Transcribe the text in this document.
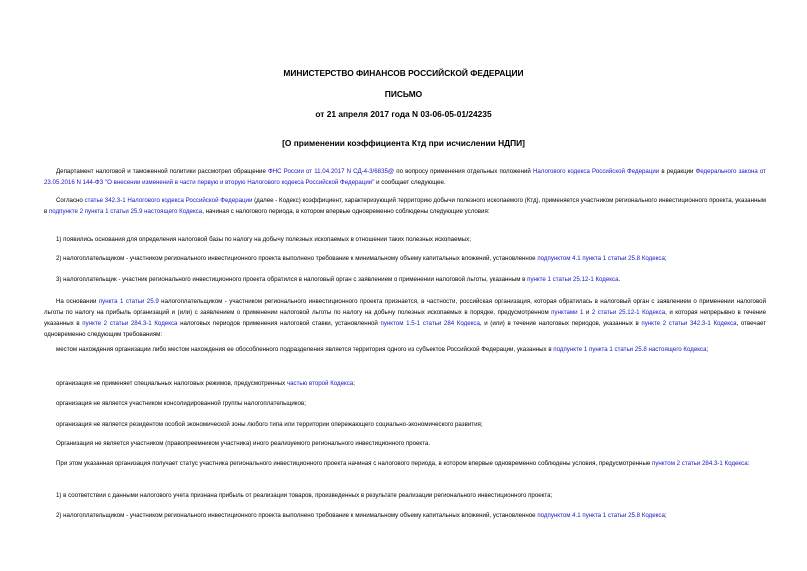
МИНИСТЕРСТВО ФИНАНСОВ РОССИЙСКОЙ ФЕДЕРАЦИИ
ПИСЬМО
от 21 апреля 2017 года N 03-06-05-01/24235
[О применении коэффициента Ктд при исчислении НДПИ]

Департамент налоговой и таможенной политики рассмотрел обращение ФНС России от 11.04.2017 N СД-4-3/6835@ по вопросу применения отдельных положений Налогового кодекса Российской Федерации в редакции Федерального закона от 23.05.2016 N 144-ФЗ "О внесении изменений в части первую и вторую Налогового кодекса Российской Федерации" и сообщает следующее.

Согласно статье 342.3-1 Налогового кодекса Российской Федерации (далее - Кодекс) коэффициент, характеризующий территорию добычи полезного ископаемого (Ктд), применяется участником регионального инвестиционного проекта, указанным в подпункте 2 пункта 1 статьи 25.9 настоящего Кодекса, начиная с налогового периода, в котором впервые одновременно соблюдены следующие условия:

1) появились основания для определения налоговой базы по налогу на добычу полезных ископаемых в отношении таких полезных ископаемых;

2) налогоплательщиком - участником регионального инвестиционного проекта выполнено требование к минимальному объему капитальных вложений, установленное подпунктом 4.1 пункта 1 статьи 25.8 Кодекса;

3) налогоплательщик - участник регионального инвестиционного проекта обратился в налоговый орган с заявлением о применении налоговой льготы, указанным в пункте 1 статьи 25.12-1 Кодекса.

На основании пункта 1 статьи 25.9 налогоплательщиком - участником регионального инвестиционного проекта признается, в частности, российская организация, которая обратилась в налоговый орган с заявлением о применении налоговой льготы по налогу на прибыль организаций и (или) с заявлением о применении налоговой льготы по налогу на добычу полезных ископаемых в порядке, предусмотренном пунктами 1 и 2 статьи 25.12-1 Кодекса, и которая непрерывно в течение указанных в пункте 2 статьи 284.3-1 Кодекса налоговых периодов применения налоговой ставки, установленной пунктом 1.5-1 статьи 284 Кодекса, и (или) в течение налоговых периодов, указанных в пункте 2 статьи 342.3-1 Кодекса, отвечает одновременно следующим требованиям:

местом нахождения организации либо местом нахождения ее обособленного подразделения является территория одного из субъектов Российской Федерации, указанных в подпункте 1 пункта 1 статьи 25.8 настоящего Кодекса;

организация не применяет специальных налоговых режимов, предусмотренных частью второй Кодекса;

организация не является участником консолидированной группы налогоплательщиков;

организация не является резидентом особой экономической зоны любого типа или территории опережающего социально-экономического развития;

Организация не является участником (правопреемником участника) иного реализуемого регионального инвестиционного проекта.

При этом указанная организация получает статус участника регионального инвестиционного проекта начиная с налогового периода, в котором впервые одновременно соблюдены условия, предусмотренные пунктом 2 статьи 284.3-1 Кодекса:

1) в соответствии с данными налогового учета признана прибыль от реализации товаров, произведенных в результате реализации регионального инвестиционного проекта;

2) налогоплательщиком - участником регионального инвестиционного проекта выполнено требование к минимальному объему капитальных вложений, установленное подпунктом 4.1 пункта 1 статьи 25.8 Кодекса;
